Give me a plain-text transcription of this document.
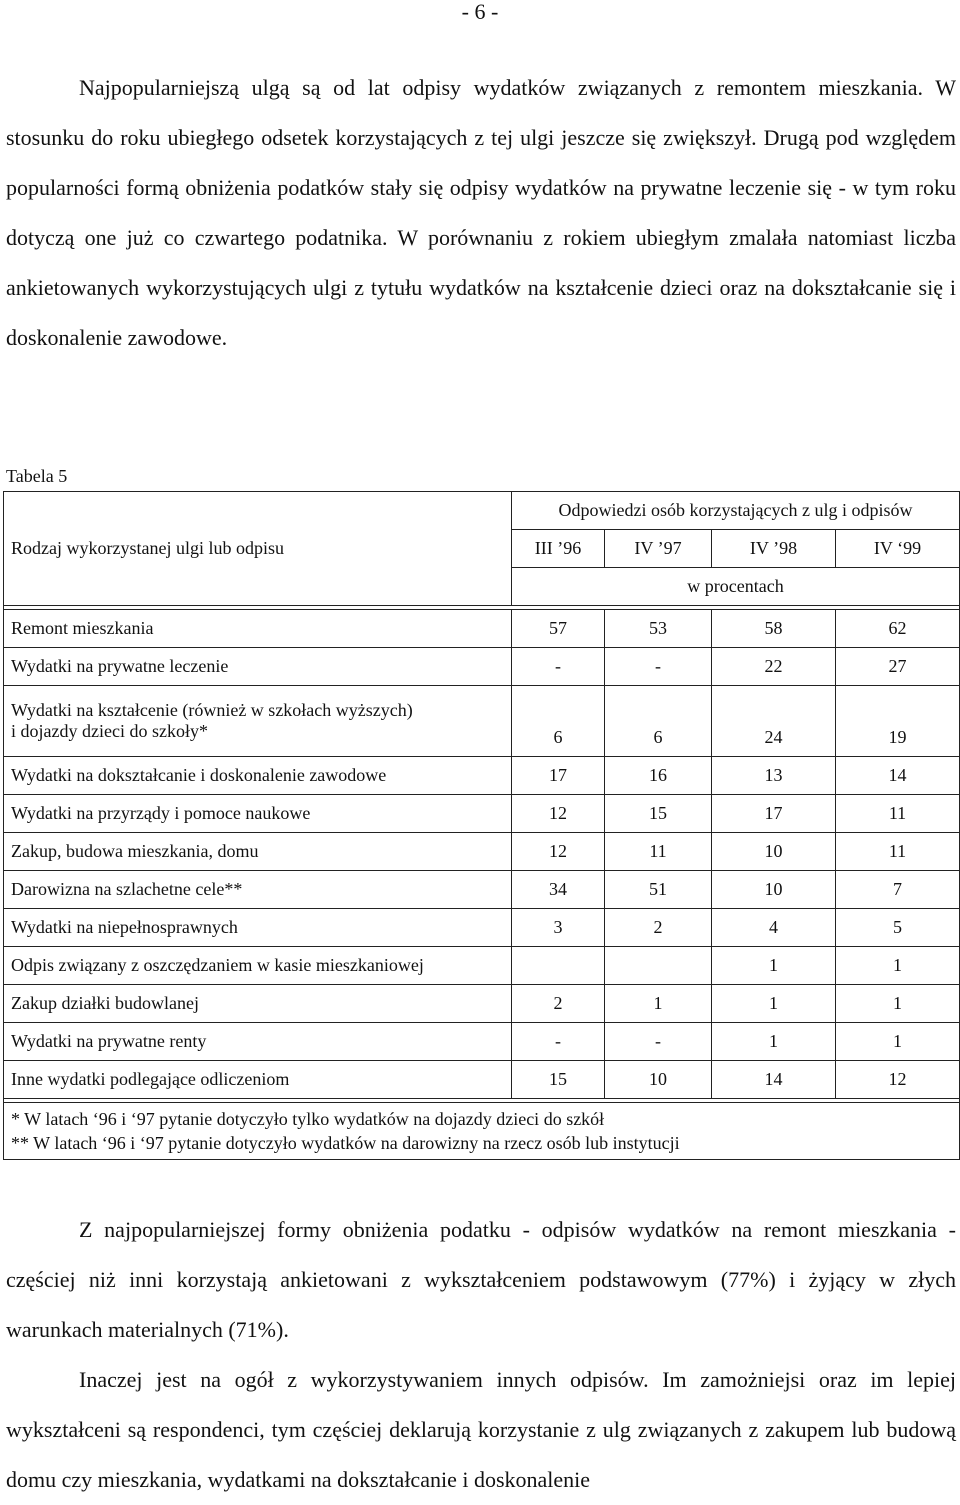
- 6 -

Najpopularniejszą ulgą są od lat odpisy wydatków związanych z remontem mieszkania. W stosunku do roku ubiegłego odsetek korzystających z tej ulgi jeszcze się zwiększył. Drugą pod względem popularności formą obniżenia podatków stały się odpisy wydatków na prywatne leczenie się - w tym roku dotyczą one już co czwartego podatnika. W porównaniu z rokiem ubiegłym zmalała natomiast liczba ankietowanych wykorzystujących ulgi z tytułu wydatków na kształcenie dzieci oraz na dokształcanie się i doskonalenie zawodowe.

Tabela 5
Rodzaj wykorzystanej ulgi lub odpisu	Odpowiedzi osób korzystających z ulg i odpisów			
	III ’96	IV ’97	IV ’98	IV ‘99
	w procentach			

Remont mieszkania	57	53	58	62
Wydatki na prywatne leczenie	-	-	22	27

Wydatki na kształcenie (również w szkołach wyższych)
i dojazdy dzieci do szkoły*	6	6	24	19
Wydatki na dokształcanie i doskonalenie zawodowe	17	16	13	14
Wydatki na przyrządy i pomoce naukowe	12	15	17	11
Zakup, budowa mieszkania, domu	12	11	10	11
Darowizna na szlachetne cele**	34	51	10	7
Wydatki na niepełnosprawnych	3	2	4	5
Odpis związany z oszczędzaniem w kasie mieszkaniowej			1	1
Zakup działki budowlanej	2	1	1	1
Wydatki na prywatne renty	-	-	1	1
Inne wydatki podlegające odliczeniom	15	10	14	12

* W latach ‘96 i ‘97 pytanie dotyczyło tylko wydatków na dojazdy dzieci do szkół
** W latach ‘96 i ‘97 pytanie dotyczyło wydatków na darowizny na rzecz osób lub instytucji				

Z najpopularniejszej formy obniżenia podatku - odpisów wydatków na remont mieszkania - częściej niż inni korzystają ankietowani z wykształceniem podstawowym (77%) i żyjący w złych warunkach materialnych (71%).

Inaczej jest na ogół z wykorzystywaniem innych odpisów. Im zamożniejsi oraz im lepiej wykształceni są respondenci, tym częściej deklarują korzystanie z ulg związanych z zakupem lub budową domu czy mieszkania, wydatkami na dokształcanie i doskonalenie
